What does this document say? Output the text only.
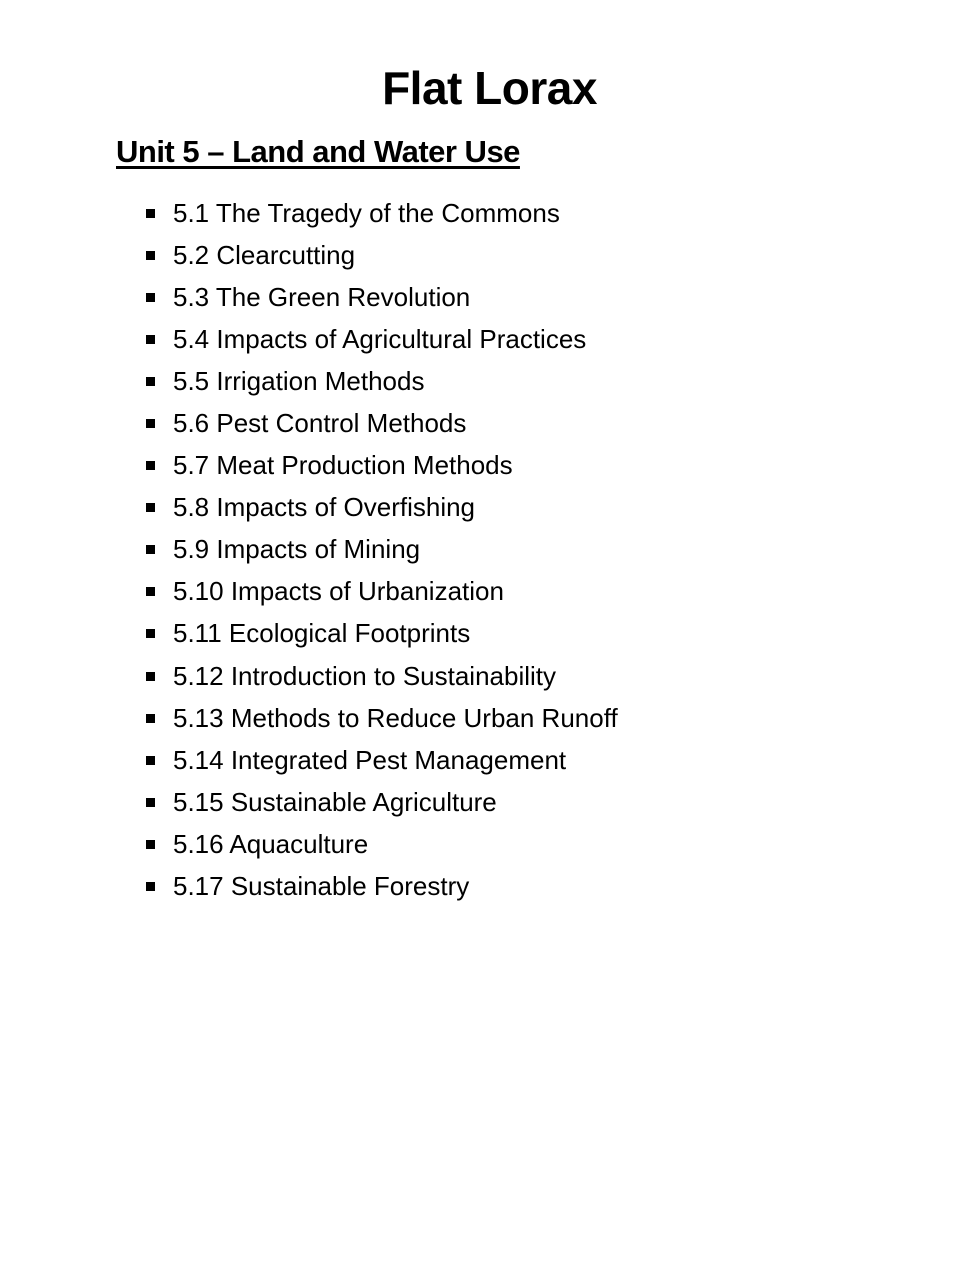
Flat Lorax
Unit 5 – Land and Water Use
5.1 The Tragedy of the Commons
5.2 Clearcutting
5.3 The Green Revolution
5.4 Impacts of Agricultural Practices
5.5 Irrigation Methods
5.6 Pest Control Methods
5.7 Meat Production Methods
5.8 Impacts of Overfishing
5.9 Impacts of Mining
5.10 Impacts of Urbanization
5.11 Ecological Footprints
5.12 Introduction to Sustainability
5.13 Methods to Reduce Urban Runoff
5.14 Integrated Pest Management
5.15 Sustainable Agriculture
5.16 Aquaculture
5.17 Sustainable Forestry
